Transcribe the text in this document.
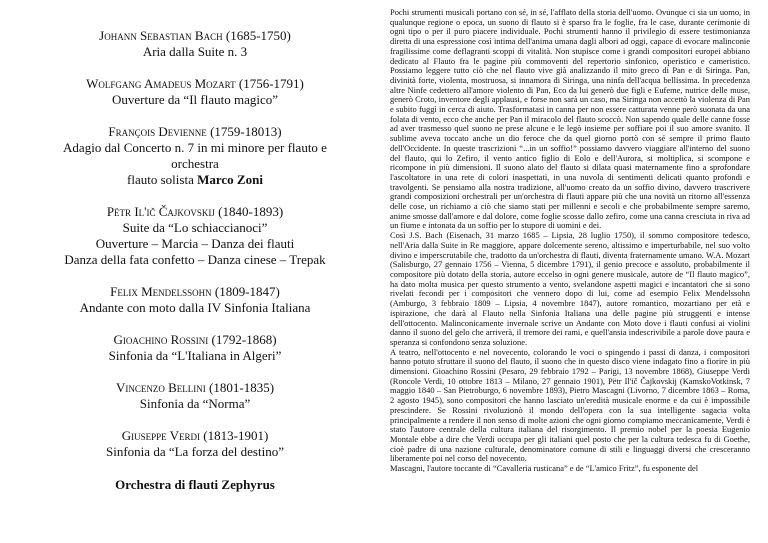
Johann Sebastian Bach (1685-1750)
Aria dalla Suite n. 3
Wolfgang Amadeus Mozart (1756-1791)
Ouverture da “Il flauto magico”
François Devienne (1759-18013)
Adagio dal Concerto n. 7 in mi minore per flauto e orchestra
flauto solista Marco Zoni
Pëtr Il'ič Čajkovskij (1840-1893)
Suite da “Lo schiaccianoci”
Ouverture – Marcia – Danza dei flauti
Danza della fata confetto – Danza cinese – Trepak
Felix Mendelssohn (1809-1847)
Andante con moto dalla IV Sinfonia Italiana
Gioachino Rossini (1792-1868)
Sinfonia da “L'Italiana in Algeri”
Vincenzo Bellini (1801-1835)
Sinfonia da “Norma”
Giuseppe Verdi (1813-1901)
Sinfonia da “La forza del destino”
Orchestra di flauti Zephyrus

Pochi strumenti musicali portano con sé, in sé, l'afflato della storia dell'uomo. Ovunque ci sia un uomo, in qualunque regione o epoca, un suono di flauto si è sparso fra le foglie, fra le case, durante cerimonie di ogni tipo o per il puro piacere individuale. Pochi strumenti hanno il privilegio di essere testimonianza diretta di una espressione così intima dell'anima umana dagli albori ad oggi, capace di evocare malinconie fragilissime come deflagranti scoppi di vitalità. Non stupisce come i grandi compositori europei abbiano dedicato al Flauto fra le pagine più commoventi del repertorio sinfonico, operistico e cameristico. Possiamo leggere tutto ciò che nel flauto vive già analizzando il mito greco di Pan e di Siringa. Pan, divinità forte, violenta, mostruosa, si innamora di Siringa, una ninfa dell'acqua bellissima. In precedenza altre Ninfe cedettero all'amore violento di Pan, Eco da lui generò due figli e Eufeme, nutrice delle muse, generò Croto, inventore degli applausi, e forse non sarà un caso, ma Siringa non accettò la violenza di Pan e subito fuggì in cerca di aiuto. Trasformatasi in canna per non essere catturata venne però suonata da una folata di vento, ecco che anche per Pan il miracolo del flauto scoccò. Non sapendo quale delle canne fosse ad aver trasmesso quel suono ne prese alcune e le legò insieme per soffiare poi il suo amore svanito. Il sublime aveva toccato anche un dio feroce che da quel giorno portò con sé sempre il primo flauto dell'Occidente. In queste trascrizioni “...in un soffio!” possiamo davvero viaggiare all'interno del suono del flauto, qui lo Zefiro, il vento antico figlio di Eolo e dell'Aurora, si moltiplica, si scompone e ricompone in più dimensioni. Il suono alato del flauto si dilata quasi maternamente fino a sprofondare l'ascoltatore in una rete di colori inaspettati, in una nuvola di sentimenti delicati quanto profondi e travolgenti. Se pensiamo alla nostra tradizione, all'uomo creato da un soffio divino, davvero trascrivere grandi composizioni orchestrali per un'orchestra di flauti appare più che una novità un ritorno all'essenza delle cose, un richiamo a ciò che siamo stati per millenni e secoli e che probabilmente sempre saremo, anime smosse dall'amore e dal dolore, come foglie scosse dallo zefiro, come una canna cresciuta in riva ad un fiume e intonata da un soffio per lo stupore di uomini e dei.

Così J.S. Bach (Eisenach, 31 marzo 1685 – Lipsia, 28 luglio 1750), il sommo compositore tedesco, nell'Aria dalla Suite in Re maggiore, appare dolcemente sereno, altissimo e imperturbabile, nel suo volto divino e imperscrutabile che, tradotto da un'orchestra di flauti, diventa fraternamente umano. W.A. Mozart (Salisburgo, 27 gennaio 1756 – Vienna, 5 dicembre 1791), il genio precoce e assoluto, probabilmente il compositore più dotato della storia, autore eccelso in ogni genere musicale, autore de “Il flauto magico”, ha dato molta musica per questo strumento a vento, svelandone aspetti magici e incantatori che si sono rivelati fecondi per i compositori che vennero dopo di lui, come ad esempio Felix Mendelssohn (Amburgo, 3 febbraio 1809 – Lipsia, 4 novembre 1847), autore romantico, mozartiano per età e ispirazione, che darà al Flauto nella Sinfonia Italiana una delle pagine più struggenti e intense dell'ottocento. Malinconicamente invernale scrive un Andante con Moto dove i flauti confusi ai violini danno il suono del gelo che arriverà, il tremore dei rami, e quell'ansia indescrivibile a parole dove paura e speranza si confondono senza soluzione.

A teatro, nell'ottocento e nel novecento, colorando le voci o spingendo i passi di danza, i compositori hanno potuto sfruttare il suono del flauto, il suono che in questo disco viene indagato fino a fiorire in più dimensioni. Gioachino Rossini (Pesaro, 29 febbraio 1792 – Parigi, 13 novembre 1868), Giuseppe Verdi (Roncole Verdi, 10 ottobre 1813 – Milano, 27 gennaio 1901), Pëtr Il'ič Čajkovskij (KamskoVotkinsk, 7 maggio 1840 – San Pietroburgo, 6 novembre 1893), Pietro Mascagni (Livorno, 7 dicembre 1863 – Roma, 2 agosto 1945), sono compositori che hanno lasciato un'eredità musicale enorme e da cui è impossibile prescindere. Se Rossini rivoluzionò il mondo dell'opera con la sua intelligente sagacia volta principalmente a rendere il non senso di molte azioni che ogni giorno compiamo meccanicamente, Verdi è stato l'autore centrale della cultura italiana del risorgimento. Il premio nobel per la poesia Eugenio Montale ebbe a dire che Verdi occupa per gli italiani quel posto che per la cultura tedesca fu di Goethe, cioè padre di una nazione culturale, denominatore comune di stili e linguaggi diversi che cresceranno liberamente poi nel corso del novecento.

Mascagni, l'autore toccante di “Cavalleria rusticana” e de “L'amico Fritz”, fu esponente del
